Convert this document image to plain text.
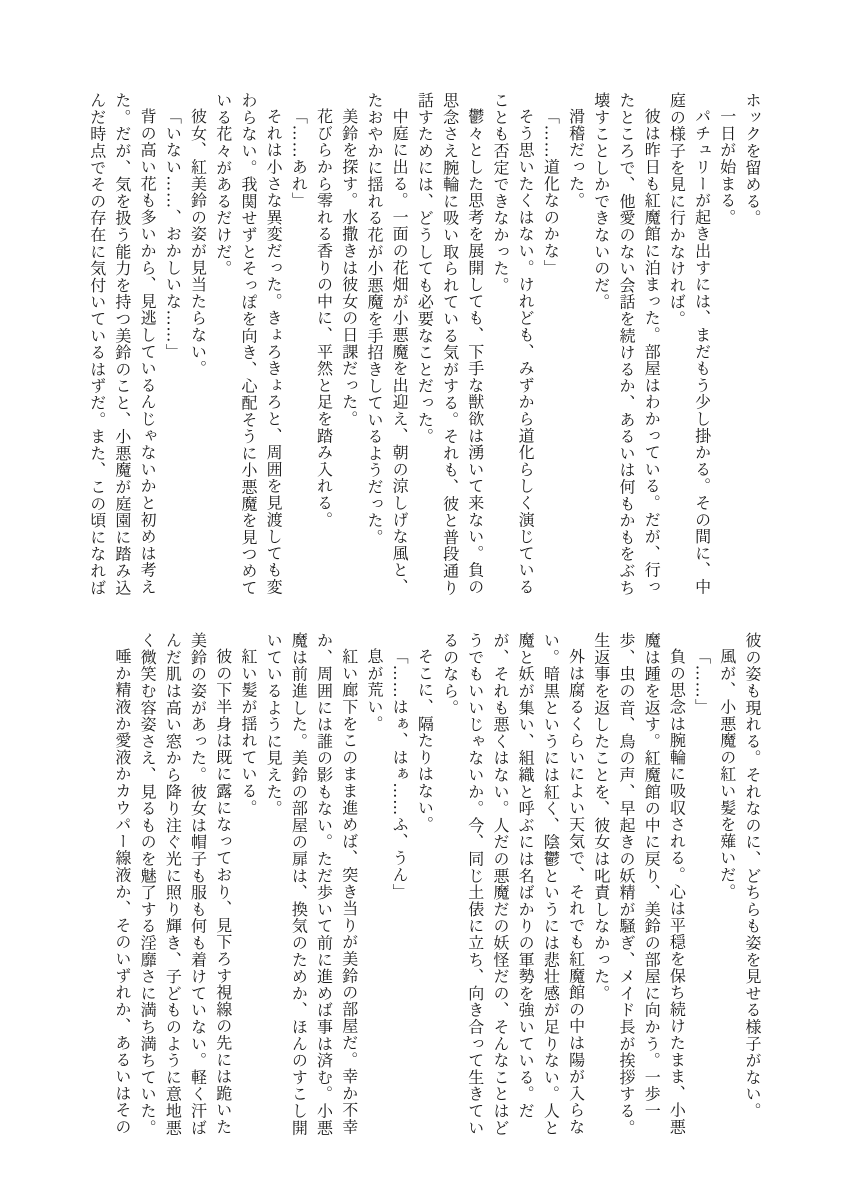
ホックを留める。

一日が始まる。

パチュリーが起き出すには、まだもう少し掛かる。その間に、中庭の様子を見に行かなければ。

彼は昨日も紅魔館に泊まった。部屋はわかっている。だが、行ったところで、他愛のない会話を続けるか、あるいは何もかもをぶち壊すことしかできないのだ。

滑稽だった。

「……道化なのかな」

そう思いたくはない。けれども、みずから道化らしく演じていることも否定できなかった。

鬱々とした思考を展開しても、下手な獣欲は湧いて来ない。負の思念さえ腕輪に吸い取られている気がする。それも、彼と普段通り話すためには、どうしても必要なことだった。

中庭に出る。一面の花畑が小悪魔を出迎え、朝の涼しげな風と、たおやかに揺れる花が小悪魔を手招きしているようだった。

美鈴を探す。水撒きは彼女の日課だった。

花びらから零れる香りの中に、平然と足を踏み入れる。

「……あれ」

それは小さな異変だった。きょろきょろと、周囲を見渡しても変わらない。我関せずとそっぽを向き、心配そうに小悪魔を見つめている花々があるだけだ。

彼女、紅美鈴の姿が見当たらない。

「いない……、おかしいな……」

背の高い花も多いから、見逃しているんじゃないかと初めは考えた。だが、気を扱う能力を持つ美鈴のこと、小悪魔が庭園に踏み込んだ時点でその存在に気付いているはずだ。また、この頃になれば

彼の姿も現れる。それなのに、どちらも姿を見せる様子がない。

風が、小悪魔の紅い髪を薙いだ。

「……」

負の思念は腕輪に吸収される。心は平穏を保ち続けたまま、小悪魔は踵を返す。紅魔館の中に戻り、美鈴の部屋に向かう。一歩一歩、虫の音、鳥の声、早起きの妖精が騒ぎ、メイド長が挨拶する。生返事を返したことを、彼女は叱責しなかった。

外は腐るくらいによい天気で、それでも紅魔館の中は陽が入らない。暗黒というには紅く、陰鬱というには悲壮感が足りない。人と魔と妖が集い、組織と呼ぶには名ばかりの軍勢を強いている。だが、それも悪くはない。人だの悪魔だの妖怪だの、そんなことはどうでもいいじゃないか。今、同じ土俵に立ち、向き合って生きているのなら。

そこに、隔たりはない。

「……はぁ、はぁ……ふ、うん」

息が荒い。

紅い廊下をこのまま進めば、突き当りが美鈴の部屋だ。幸か不幸か、周囲には誰の影もない。ただ歩いて前に進めば事は済む。小悪魔は前進した。美鈴の部屋の扉は、換気のためか、ほんのすこし開いているように見えた。

紅い髪が揺れている。

彼の下半身は既に露になっており、見下ろす視線の先には跪いた美鈴の姿があった。彼女は帽子も服も何も着けていない。軽く汗ばんだ肌は高い窓から降り注ぐ光に照り輝き、子どものように意地悪く微笑む容姿さえ、見るものを魅了する淫靡さに満ち満ちていた。

唾か精液か愛液かカウパー線液か、そのいずれか、あるいはその
